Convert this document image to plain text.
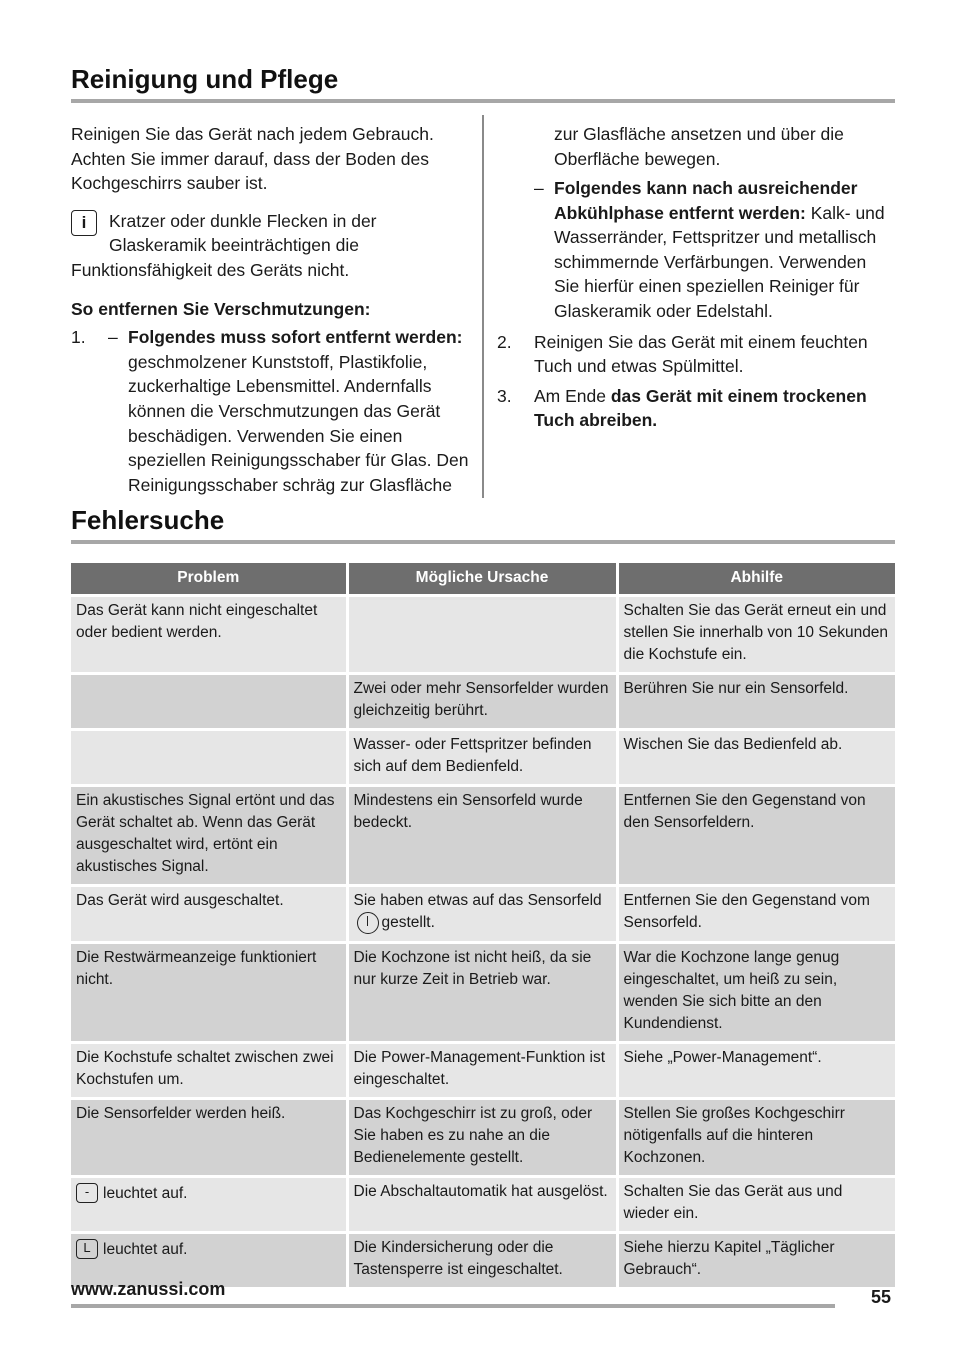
Reinigung und Pflege

Reinigen Sie das Gerät nach jedem Gebrauch. Achten Sie immer darauf, dass der Boden des Kochgeschirrs sauber ist.

i	Kratzer oder dunkle Flecken in der Glaskeramik beeinträchtigen die Funktionsfähigkeit des Geräts nicht.

So entfernen Sie Verschmutzungen:

1. – Folgendes muss sofort entfernt werden: geschmolzener Kunststoff, Plastikfolie, zuckerhaltige Lebensmittel. Andernfalls können die Verschmutzungen das Gerät beschädigen. Verwenden Sie einen speziellen Reinigungsschaber für Glas. Den Reinigungsschaber schräg zur Glasfläche
zur Glasfläche ansetzen und über die Oberfläche bewegen.
– Folgendes kann nach ausreichender Abkühlphase entfernt werden: Kalk- und Wasserränder, Fettspritzer und metallisch schimmernde Verfärbungen. Verwenden Sie hierfür einen speziellen Reiniger für Glaskeramik oder Edelstahl.
2. Reinigen Sie das Gerät mit einem feuchten Tuch und etwas Spülmittel.
3. Am Ende das Gerät mit einem trockenen Tuch abreiben.
Fehlersuche
Problem	Mögliche Ursache	Abhilfe
Das Gerät kann nicht eingeschaltet oder bedient werden.		Schalten Sie das Gerät erneut ein und stellen Sie innerhalb von 10 Sekunden die Kochstufe ein.
	Zwei oder mehr Sensorfelder wurden gleichzeitig berührt.	Berühren Sie nur ein Sensorfeld.
	Wasser- oder Fettspritzer befinden sich auf dem Bedienfeld.	Wischen Sie das Bedienfeld ab.
Ein akustisches Signal ertönt und das Gerät schaltet ab. Wenn das Gerät ausgeschaltet wird, ertönt ein akustisches Signal.	Mindestens ein Sensorfeld wurde bedeckt.	Entfernen Sie den Gegenstand von den Sensorfeldern.
Das Gerät wird ausgeschaltet.	Sie haben etwas auf das Sensorfeldgestellt.	Entfernen Sie den Gegenstand vom Sensorfeld.
Die Restwärmeanzeige funktioniert nicht.	Die Kochzone ist nicht heiß, da sie nur kurze Zeit in Betrieb war.	War die Kochzone lange genug eingeschaltet, um heiß zu sein, wenden Sie sich bitte an den Kundendienst.
Die Kochstufe schaltet zwischen zwei Kochstufen um.	Die Power-Management-Funktion ist eingeschaltet.	Siehe „Power-Management“.
Die Sensorfelder werden heiß.	Das Kochgeschirr ist zu groß, oder Sie haben es zu nahe an die Bedienelemente gestellt.	Stellen Sie großes Kochgeschirr nötigenfalls auf die hinteren Kochzonen.
- leuchtet auf.	Die Abschaltautomatik hat ausgelöst.	Schalten Sie das Gerät aus und wieder ein.
L leuchtet auf.	Die Kindersicherung oder die Tastensperre ist eingeschaltet.	Siehe hierzu Kapitel „Täglicher Gebrauch“.
www.zanussi.com	55
